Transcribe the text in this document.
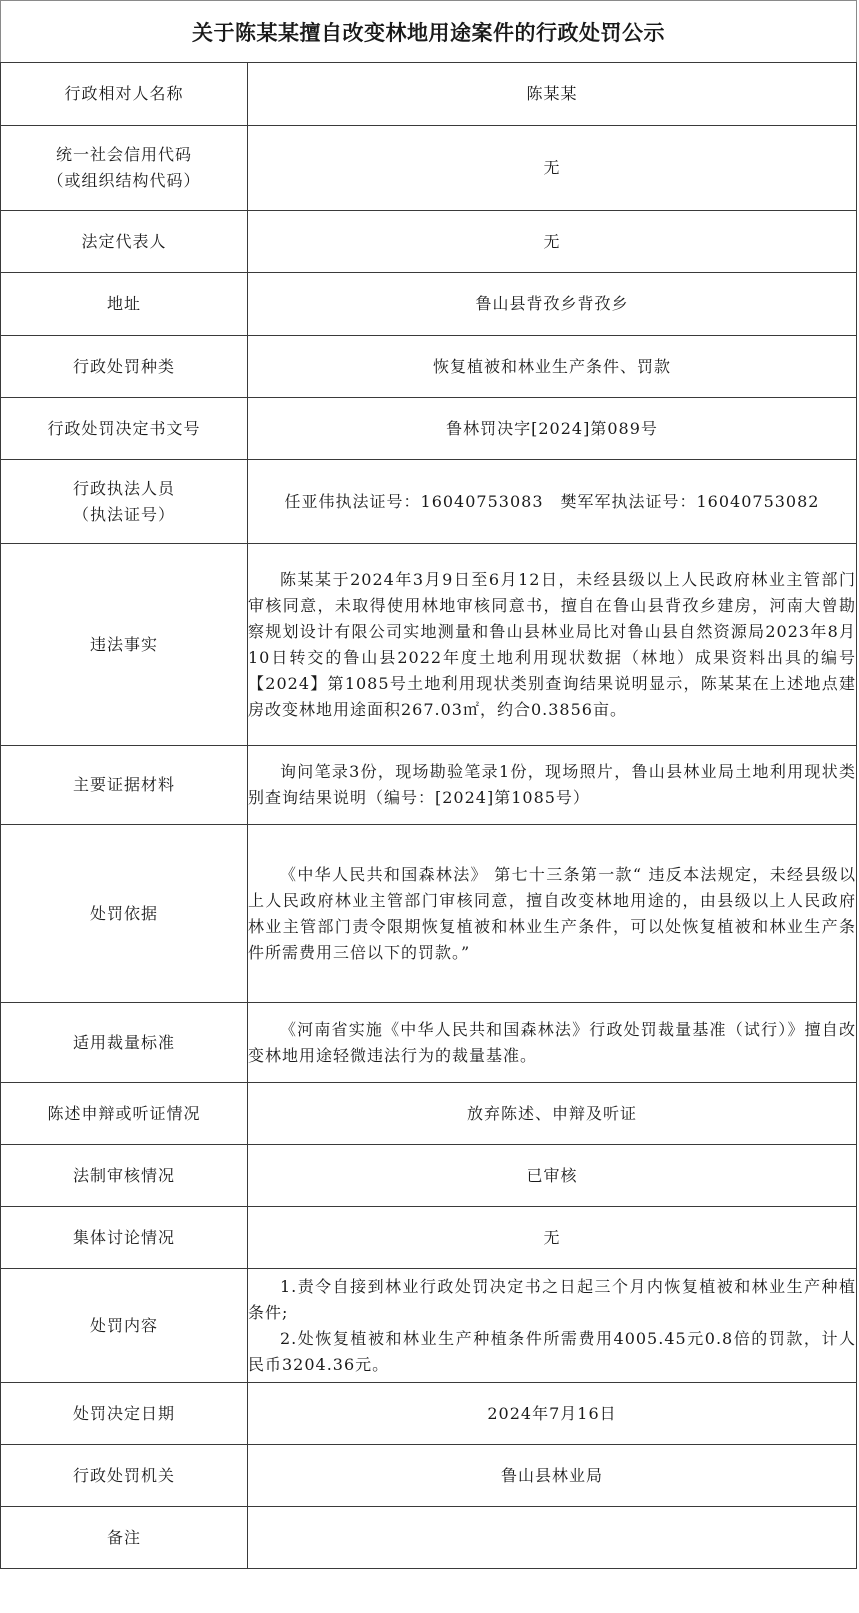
关于陈某某擅自改变林地用途案件的行政处罚公示
行政相对人名称	陈某某

统一社会信用代码
（或组织结构代码）	无
法定代表人	无
地址	鲁山县背孜乡背孜乡
行政处罚种类	恢复植被和林业生产条件、罚款
行政处罚决定书文号	鲁林罚决字[2024]第089号

行政执法人员
（执法证号）	任亚伟执法证号：16040753083　樊军军执法证号：16040753082
违法事实	陈某某于2024年3月9日至6月12日，未经县级以上人民政府林业主管部门审核同意，未取得使用林地审核同意书，擅自在鲁山县背孜乡建房，河南大曾勘察规划设计有限公司实地测量和鲁山县林业局比对鲁山县自然资源局2023年8月10日转交的鲁山县2022年度土地利用现状数据（林地）成果资料出具的编号【2024】第1085号土地利用现状类别查询结果说明显示，陈某某在上述地点建房改变林地用途面积267.03㎡，约合0.3856亩。

主要证据材料	询问笔录3份，现场勘验笔录1份，现场照片，鲁山县林业局土地利用现状类别查询结果说明（编号：[2024]第1085号）

处罚依据	《中华人民共和国森林法》 第七十三条第一款“ 违反本法规定，未经县级以上人民政府林业主管部门审核同意，擅自改变林地用途的，由县级以上人民政府林业主管部门责令限期恢复植被和林业生产条件，可以处恢复植被和林业生产条件所需费用三倍以下的罚款。”

适用裁量标准	《河南省实施《中华人民共和国森林法》行政处罚裁量基准（试行）》擅自改变林地用途轻微违法行为的裁量基准。

陈述申辩或听证情况	放弃陈述、申辩及听证
法制审核情况	已审核
集体讨论情况	无
处罚内容	1.责令自接到林业行政处罚决定书之日起三个月内恢复植被和林业生产种植条件;
2.处恢复植被和林业生产种植条件所需费用4005.45元0.8倍的罚款，计人民币3204.36元。

处罚决定日期	2024年7月16日
行政处罚机关	鲁山县林业局
备注	
